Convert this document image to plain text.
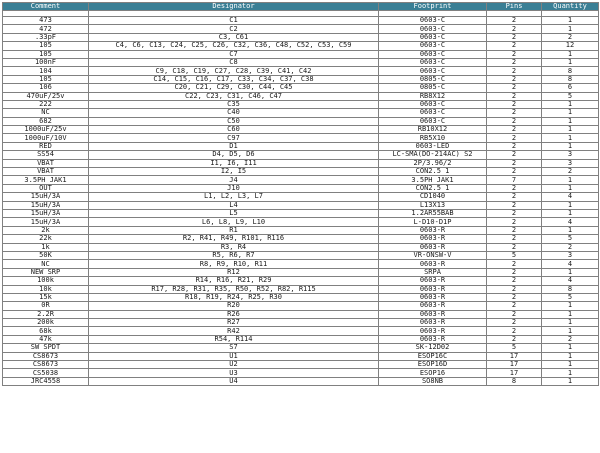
Comment	Designator	Footprint	Pins	Quantity

473	C1	0603-C	2	1
472	C2	0603-C	2	1
.33pF	C3, C61	0603-C	2	2
105	C4, C6, C13, C24, C25, C26, C32, C36, C48, C52, C53, C59	0603-C	2	12
105	C7	0603-C	2	1
100nF	C8	0603-C	2	1
104	C9, C18, C19, C27, C28, C39, C41, C42	0603-C	2	8
105	C14, C15, C16, C17, C33, C34, C37, C38	0805-C	2	8
106	C20, C21, C29, C30, C44, C45	0805-C	2	6
470uF/25v	C22, C23, C31, C46, C47	RB8X12	2	5
222	C35	0603-C	2	1
NC	C40	0603-C	2	1
682	C50	0603-C	2	1
1000uF/25v	C60	RB10X12	2	1
1000uF/10V	C97	RB5X10	2	1
RED	D1	0603-LED	2	1
SS54	D4, D5, D6	LC-SMA(DO-214AC) S2	2	3
VBAT	I1, I6, I11	2P/3.96/2	2	3
VBAT	I2, I5	CON2.5 1	2	2
3.5PH JAK1	J4	3.5PH JAK1	7	1
OUT	J10	CON2.5 1	2	1
15uH/3A	L1, L2, L3, L7	CD1040	2	4
15uH/3A	L4	L13X13	2	1
15uH/3A	L5	1.2AR55BAB	2	1
15uH/3A	L6, L8, L9, L10	L-D10-D1P	2	4
2k	R1	0603-R	2	1
22k	R2, R41, R49, R101, R116	0603-R	2	5
1k	R3, R4	0603-R	2	2
50K	R5, R6, R7	VR-ONSW-V	5	3
NC	R8, R9, R10, R11	0603-R	2	4
NEW SRP	R12	SRPA	2	1
100k	R14, R16, R21, R29	0603-R	2	4
10k	R17, R28, R31, R35, R50, R52, R82, R115	0603-R	2	8
15k	R18, R19, R24, R25, R30	0603-R	2	5
0R	R20	0603-R	2	1
2.2R	R26	0603-R	2	1
200k	R27	0603-R	2	1
68k	R42	0603-R	2	1
47k	R54, R114	0603-R	2	2
SW SPDT	S7	SK-12D02	5	1
CS8673	U1	ESOP16C	17	1
CS8673	U2	ESOP16D	17	1
CS5038	U3	ESOP16	17	1
JRC4558	U4	SO8NB	8	1
